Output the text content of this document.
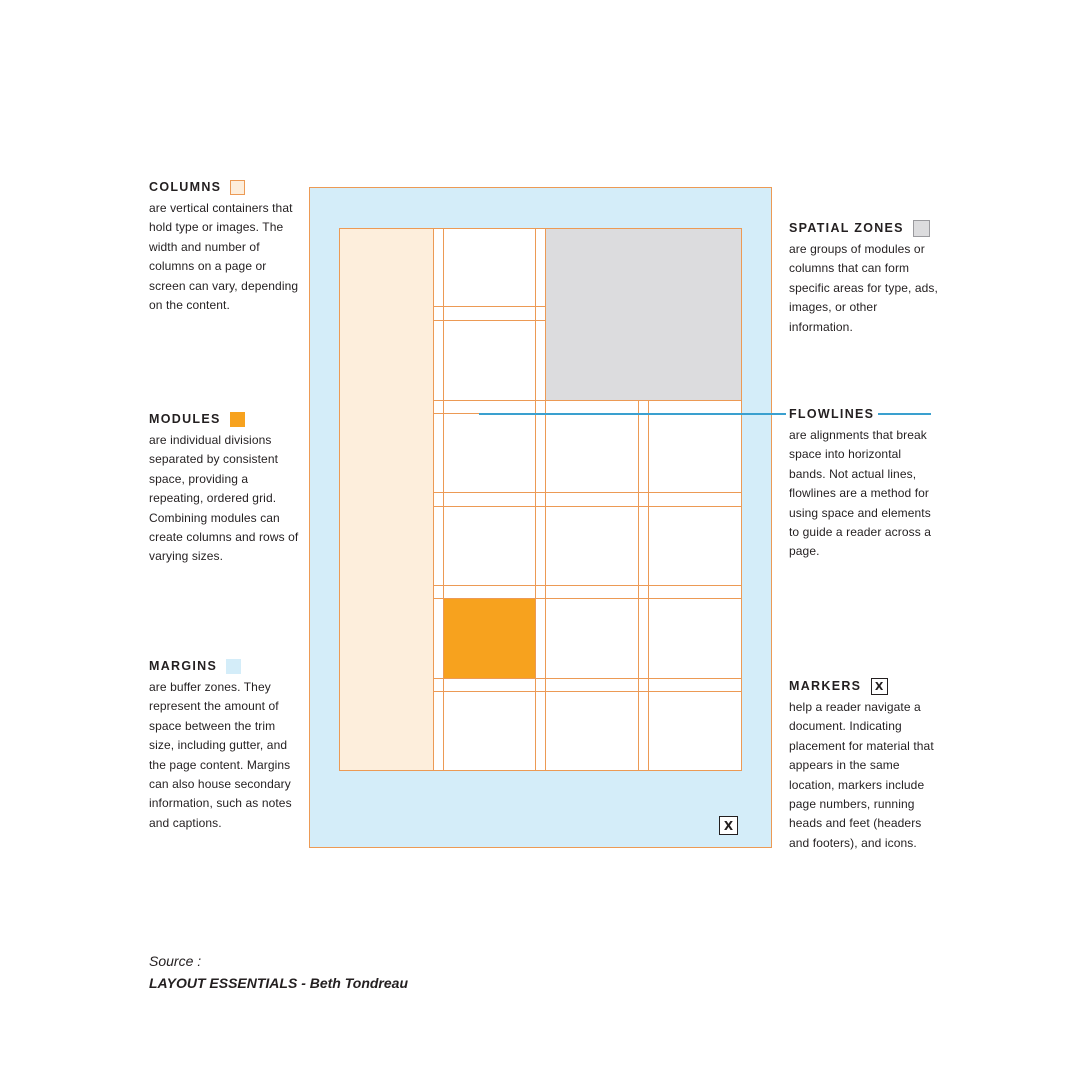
X
COLUMNS

are vertical containers that hold type or images. The width and number of columns on a page or screen can vary, depending on the content.

MODULES

are individual divisions separated by consistent space, providing a repeating, ordered grid. Combining modules can create columns and rows of varying sizes.

MARGINS

are buffer zones. They represent the amount of space between the trim size, including gutter, and the page content. Margins can also house secondary information, such as notes and captions.

SPATIAL ZONES

are groups of modules or columns that can form specific areas for type, ads, images, or other information.

FLOWLINES

are alignments that break space into horizontal bands. Not actual lines, flowlines are a method for using space and elements to guide a reader across a page.

MARKERS	X

help a reader navigate a document. Indicating placement for material that appears in the same location, markers include page numbers, running heads and feet (headers and footers), and icons.

Source :
LAYOUT ESSENTIALS - Beth Tondreau
